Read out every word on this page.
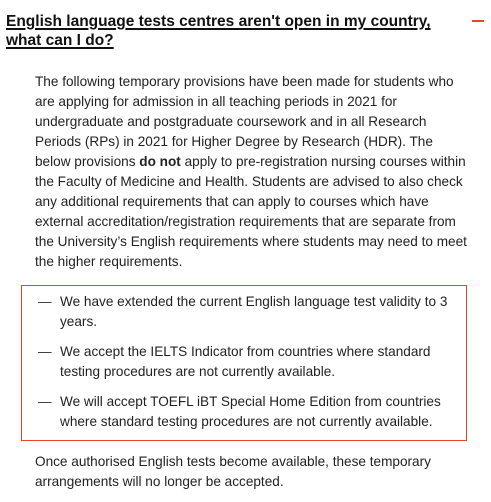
English language tests centres aren't open in my country, what can I do?

The following temporary provisions have been made for students who are applying for admission in all teaching periods in 2021 for undergraduate and postgraduate coursework and in all Research Periods (RPs) in 2021 for Higher Degree by Research (HDR). The below provisions do not apply to pre-registration nursing courses within the Faculty of Medicine and Health. Students are advised to also check any additional requirements that can apply to courses which have external accreditation/registration requirements that are separate from the University’s English requirements where students may need to meet the higher requirements.

— We have extended the current English language test validity to 3 years.
— We accept the IELTS Indicator from countries where standard testing procedures are not currently available.
— We will accept TOEFL iBT Special Home Edition from countries where standard testing procedures are not currently available.

Once authorised English tests become available, these temporary arrangements will no longer be accepted.
